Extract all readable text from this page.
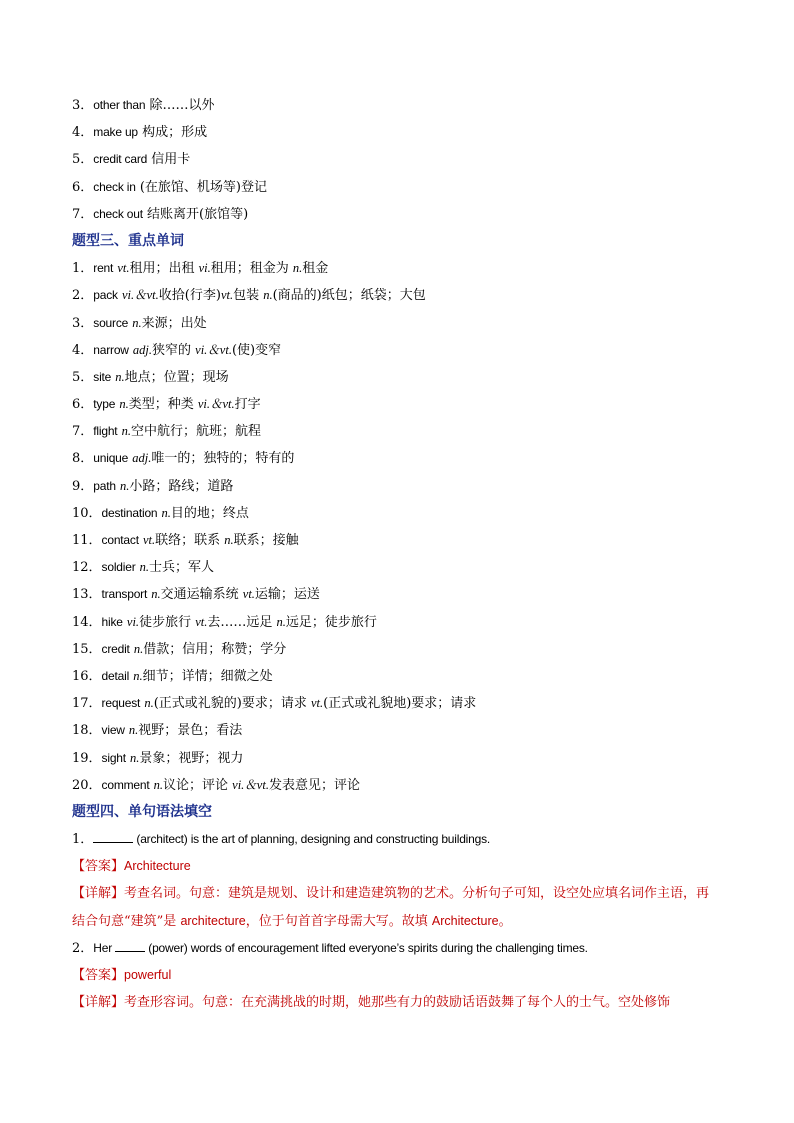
3．other than 除……以外
4．make up 构成；形成
5．credit card 信用卡
6．check in (在旅馆、机场等)登记
7．check out 结账离开(旅馆等)
题型三、重点单词
1．rent vt.租用；出租 vi.租用；租金为 n.租金
2．pack vi.＆vt.收拾(行李)vt.包装 n.(商品的)纸包；纸袋；大包
3．source n.来源；出处
4．narrow adj.狭窄的 vi.＆vt.(使)变窄
5．site n.地点；位置；现场
6．type n.类型；种类 vi.＆vt.打字
7．flight n.空中航行；航班；航程
8．unique adj.唯一的；独特的；特有的
9．path n.小路；路线；道路
10．destination n.目的地；终点
11．contact vt.联络；联系 n.联系；接触
12．soldier n.士兵；军人
13．transport n.交通运输系统 vt.运输；运送
14．hike vi.徒步旅行 vt.去……远足 n.远足；徒步旅行
15．credit n.借款；信用；称赞；学分
16．detail n.细节；详情；细微之处
17．request n.(正式或礼貌的)要求；请求 vt.(正式或礼貌地)要求；请求
18．view n.视野；景色；看法
19．sight n.景象；视野；视力
20．comment n.议论；评论 vi.＆vt.发表意见；评论
题型四、单句语法填空
1．	(architect) is the art of planning, designing and constructing buildings.
【答案】Architecture
【详解】考查名词。句意：建筑是规划、设计和建造建筑物的艺术。分析句子可知，设空处应填名词作主语，再结合句意“建筑”是 architecture，位于句首首字母需大写。故填 Architecture。
2．Her	(power) words of encouragement lifted everyone’s spirits during the challenging times.
【答案】powerful
【详解】考查形容词。句意：在充满挑战的时期，她那些有力的鼓励话语鼓舞了每个人的士气。空处修饰
